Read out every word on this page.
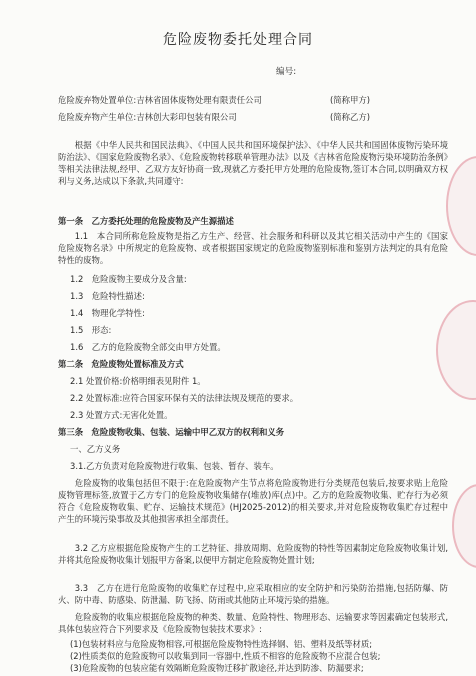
危险废物委托处理合同
编号:
危险废弃物处置单位:吉林省固体废物处理有限责任公司	(简称甲方)
危险废弃物产生单位:吉林创大彩印包装有限公司	(简称乙方)
根据《中华人民共和国民法典》、《中国人民共和国环境保护法》、《中华人民共和国固体废物污染环境防治法》、《国家危险废物名录》、《危险废物转移联单管理办法》以及《吉林省危险废物污染环境防治条例》等相关法律法规,经甲、乙双方友好协商一致,现就乙方委托甲方处理的危险废物,签订本合同,以明确双方权利与义务,达成以下条款,共同遵守:
第一条　乙方委托处理的危险废物及产生源描述
1.1　本合同所称危险废物是指乙方生产、经营、社会服务和科研以及其它相关活动中产生的《国家危险废物名录》中所规定的危险废物、或者根据国家规定的危险废物鉴别标准和鉴别方法判定的具有危险特性的废物。
1.2　危险废物主要成分及含量:
1.3　危险特性描述:
1.4　物理化学特性:
1.5　形态:
1.6　乙方的危险废物全部交由甲方处置。
第二条　危险废物处置标准及方式
2.1 处置价格:价格明细表见附件 1。
2.2 处置标准:应符合国家环保有关的法律法规及规范的要求。
2.3 处置方式:无害化处置。
第三条　危险废物收集、包装、运输中甲乙双方的权利和义务
一、乙方义务
3.1.乙方负责对危险废物进行收集、包装、暂存、装车。
危险废物的收集包括但不限于:在危险废物产生节点将危险废物进行分类规范包装后,按要求贴上危险废物管理标签,放置于乙方专门的危险废物收集储存(堆放)库(点)中。乙方的危险废物收集、贮存行为必须符合《危险废物收集、贮存、运输技术规范》(HJ2025-2012)的相关要求,并对危险废物收集贮存过程中产生的环境污染事故及其他损害承担全部责任。
3.2 乙方应根据危险废物产生的工艺特征、排放周期、危险废物的特性等因素制定危险废物收集计划,并将其危险废物收集计划报甲方备案,以便甲方制定危险废物处置计划;
3.3　乙方在进行危险废物的收集贮存过程中,应采取相应的安全防护和污染防治措施,包括防爆、防火、防中毒、防感染、防泄漏、防飞扬、防雨或其他防止环境污染的措施。
危险废物的收集应根据危险废物的种类、数量、危险特性、物理形态、运输要求等因素确定包装形式,具体包装应符合下列要求及《危险废物包装技术要求》:
(1)包装材料应与危险废物相容,可根据危险废物特性选择钢、铝、塑料及纸等材质;
(2)性质类似的危险废物可以收集到同一容器中,性质不相容的危险废物不应混合包装;
(3)危险废物的包装应能有效隔断危险废物迁移扩散途径,并达到防渗、防漏要求;
